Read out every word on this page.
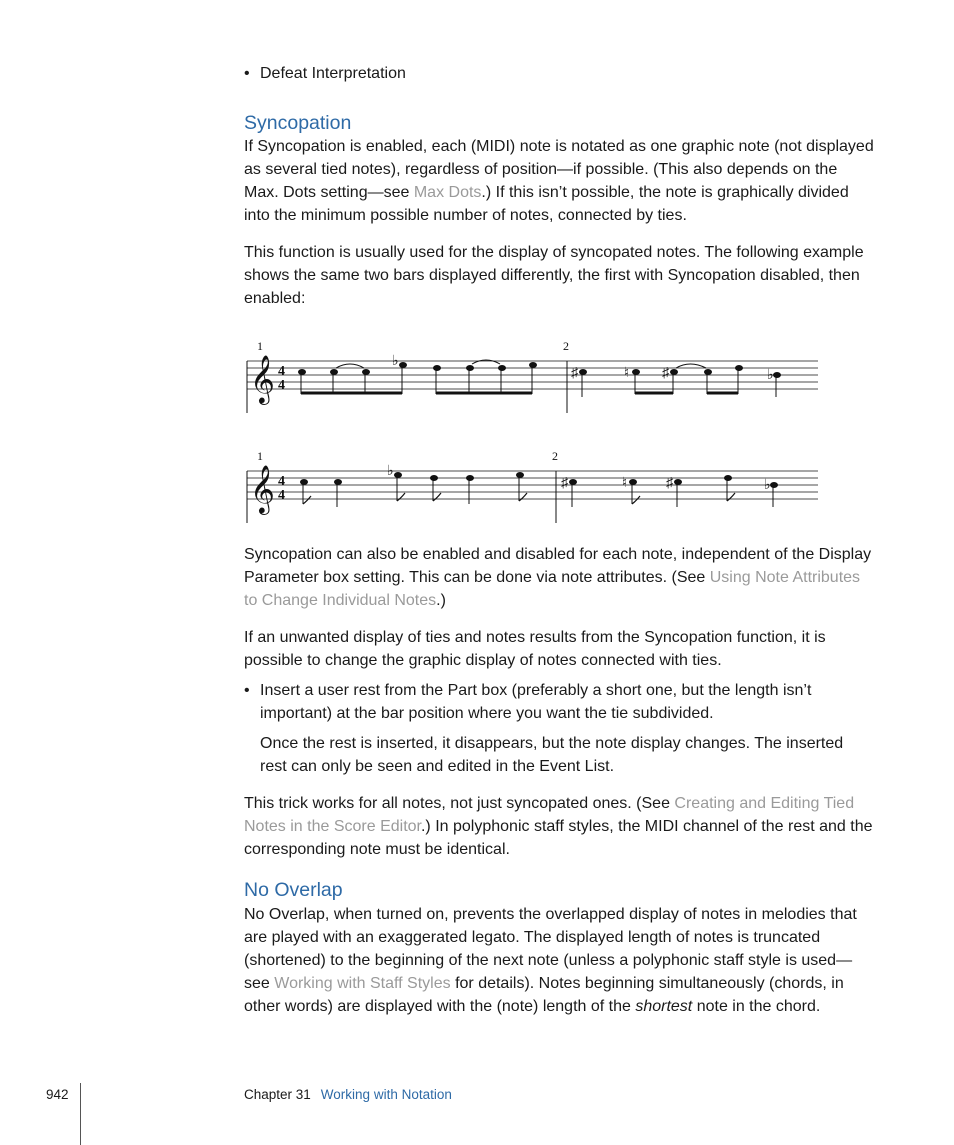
• Defeat Interpretation
Syncopation

If Syncopation is enabled, each (MIDI) note is notated as one graphic note (not displayed as several tied notes), regardless of position—if possible. (This also depends on the Max. Dots setting—see Max Dots.) If this isn’t possible, the note is graphically divided into the minimum possible number of notes, connected by ties.

This function is usually used for the display of syncopated notes. The following example shows the same two bars displayed differently, the first with Syncopation disabled, then enabled:

1	2
𝄞 4
4
♭
♯	♮ ♯	♭
1	2
𝄞 4
4
♭
♯	♮	♯	♭

Syncopation can also be enabled and disabled for each note, independent of the Display Parameter box setting. This can be done via note attributes. (See Using Note Attributes to Change Individual Notes.)

If an unwanted display of ties and notes results from the Syncopation function, it is possible to change the graphic display of notes connected with ties.

• Insert a user rest from the Part box (preferably a short one, but the length isn’t important) at the bar position where you want the tie subdivided.
Once the rest is inserted, it disappears, but the note display changes. The inserted rest can only be seen and edited in the Event List.

This trick works for all notes, not just syncopated ones. (See Creating and Editing Tied Notes in the Score Editor.) In polyphonic staff styles, the MIDI channel of the rest and the corresponding note must be identical.

No Overlap

No Overlap, when turned on, prevents the overlapped display of notes in melodies that are played with an exaggerated legato. The displayed length of notes is truncated (shortened) to the beginning of the next note (unless a polyphonic staff style is used—see Working with Staff Styles for details). Notes beginning simultaneously (chords, in other words) are displayed with the (note) length of the shortest note in the chord.

942	Chapter 31 Working with Notation
